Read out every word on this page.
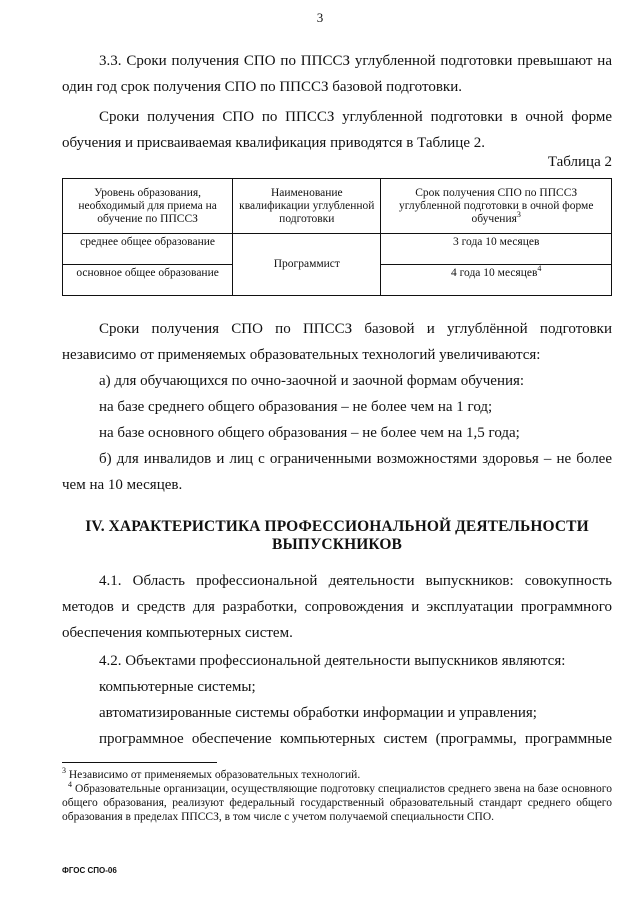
3
3.3. Сроки получения СПО по ППССЗ углубленной подготовки превышают на один год срок получения СПО по ППССЗ базовой подготовки.
Сроки получения СПО по ППССЗ углубленной подготовки в очной форме обучения и присваиваемая квалификация приводятся в Таблице 2.
Таблица 2
Уровень образования, необходимый для приема на обучение по ППССЗ	Наименование квалификации углубленной подготовки	Срок получения СПО по ППССЗ углубленной подготовки в очной форме обучения$^3$
среднее общее образование	Программист	3 года 10 месяцев
основное общее образование		4 года 10 месяцев$^4$
Сроки получения СПО по ППССЗ базовой и углублённой подготовки независимо от применяемых образовательных технологий увеличиваются:
а) для обучающихся по очно-заочной и заочной формам обучения:
на базе среднего общего образования – не более чем на 1 год;
на базе основного общего образования – не более чем на 1,5 года;
б) для инвалидов и лиц с ограниченными возможностями здоровья – не более чем на 10 месяцев.
IV. ХАРАКТЕРИСТИКА ПРОФЕССИОНАЛЬНОЙ ДЕЯТЕЛЬНОСТИ
ВЫПУСКНИКОВ
4.1. Область профессиональной деятельности выпускников: совокупность методов и средств для разработки, сопровождения и эксплуатации программного обеспечения компьютерных систем.
4.2. Объектами профессиональной деятельности выпускников являются:
компьютерные системы;
автоматизированные системы обработки информации и управления;
программное обеспечение компьютерных систем (программы, программные
$^3$ Независимо от применяемых образовательных технологий.
$^4$ Образовательные организации, осуществляющие подготовку специалистов среднего звена на базе основного общего образования, реализуют федеральный государственный образовательный стандарт среднего общего образования в пределах ППССЗ, в том числе с учетом получаемой специальности СПО.
ФГОС СПО-06
